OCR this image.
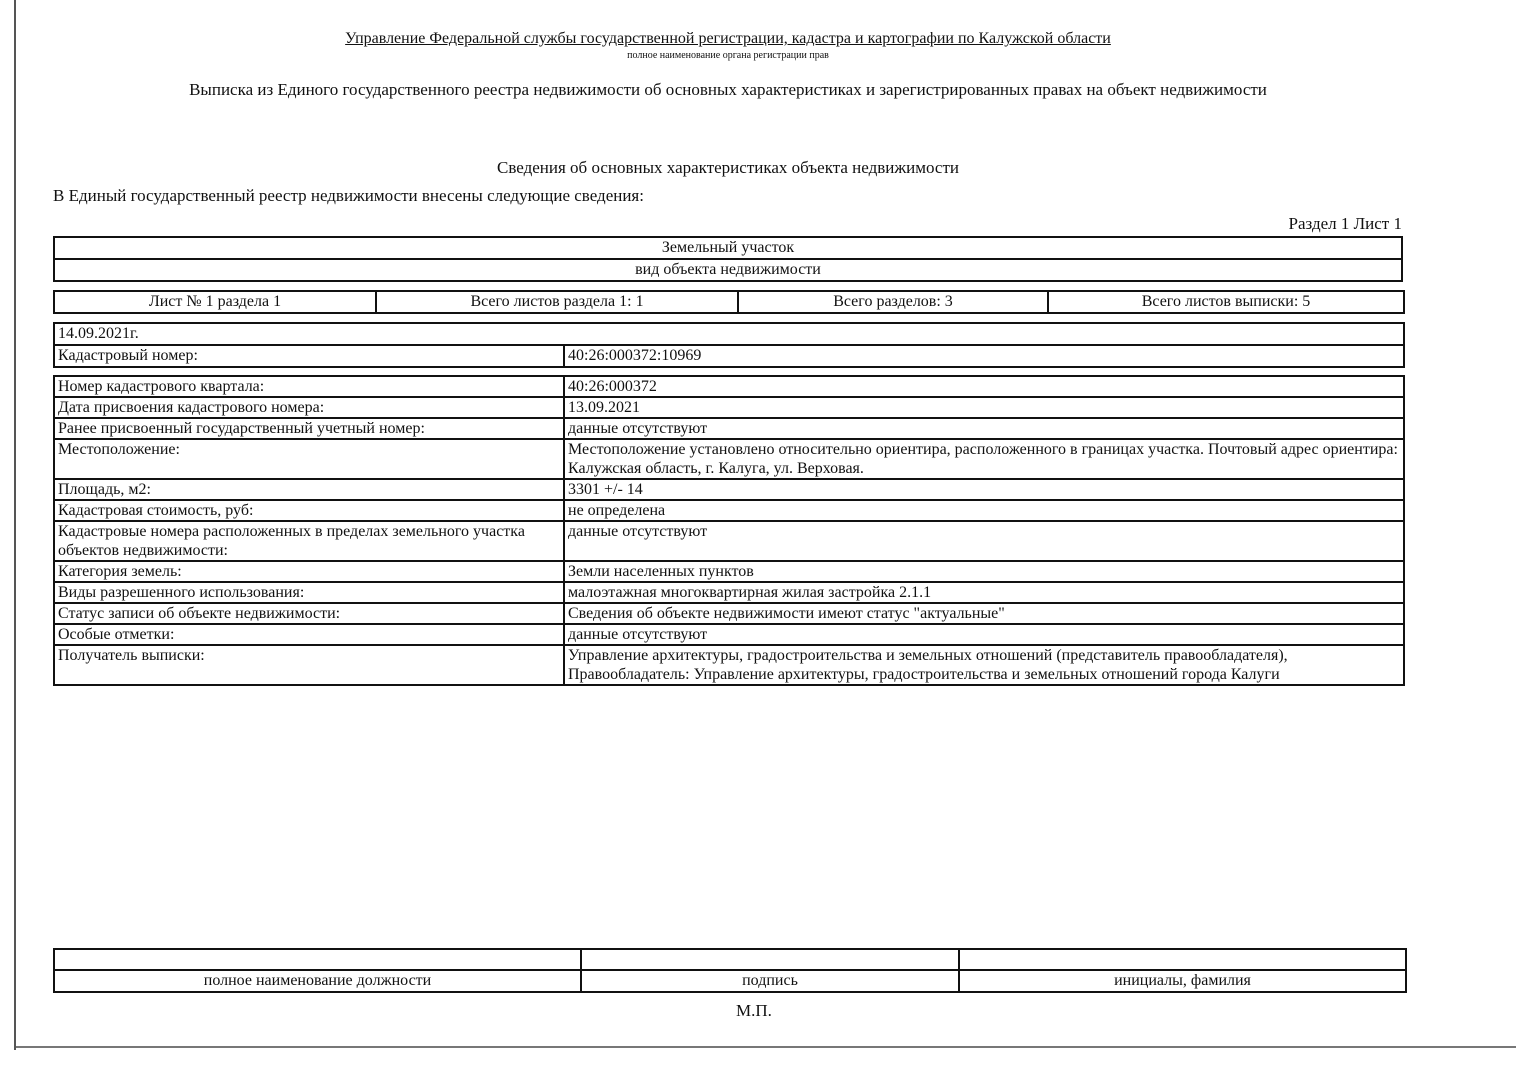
Управление Федеральной службы государственной регистрации, кадастра и картографии по Калужской области
полное наименование органа регистрации прав
Выписка из Единого государственного реестра недвижимости об основных характеристиках и зарегистрированных правах на объект недвижимости
Сведения об основных характеристиках объекта недвижимости
В Единый государственный реестр недвижимости внесены следующие сведения:
Раздел 1 Лист 1
Земельный участок
вид объекта недвижимости
Лист № 1 раздела 1	Всего листов раздела 1: 1	Всего разделов: 3	Всего листов выписки: 5
14.09.2021г.
Кадастровый номер:	40:26:000372:10969
Номер кадастрового квартала:	40:26:000372
Дата присвоения кадастрового номера:	13.09.2021
Ранее присвоенный государственный учетный номер:	данные отсутствуют
Местоположение:	Местоположение установлено относительно ориентира, расположенного в границах участка. Почтовый адрес ориентира: Калужская область, г. Калуга, ул. Верховая.
Площадь, м2:	3301 +/- 14
Кадастровая стоимость, руб:	не определена
Кадастровые номера расположенных в пределах земельного участка объектов недвижимости:	данные отсутствуют
Категория земель:	Земли населенных пунктов
Виды разрешенного использования:	малоэтажная многоквартирная жилая застройка 2.1.1
Статус записи об объекте недвижимости:	Сведения об объекте недвижимости имеют статус "актуальные"
Особые отметки:	данные отсутствуют
Получатель выписки:	Управление архитектуры, градостроительства и земельных отношений (представитель правообладателя), Правообладатель: Управление архитектуры, градостроительства и земельных отношений города Калуги

полное наименование должности	подпись	инициалы, фамилия
М.П.
